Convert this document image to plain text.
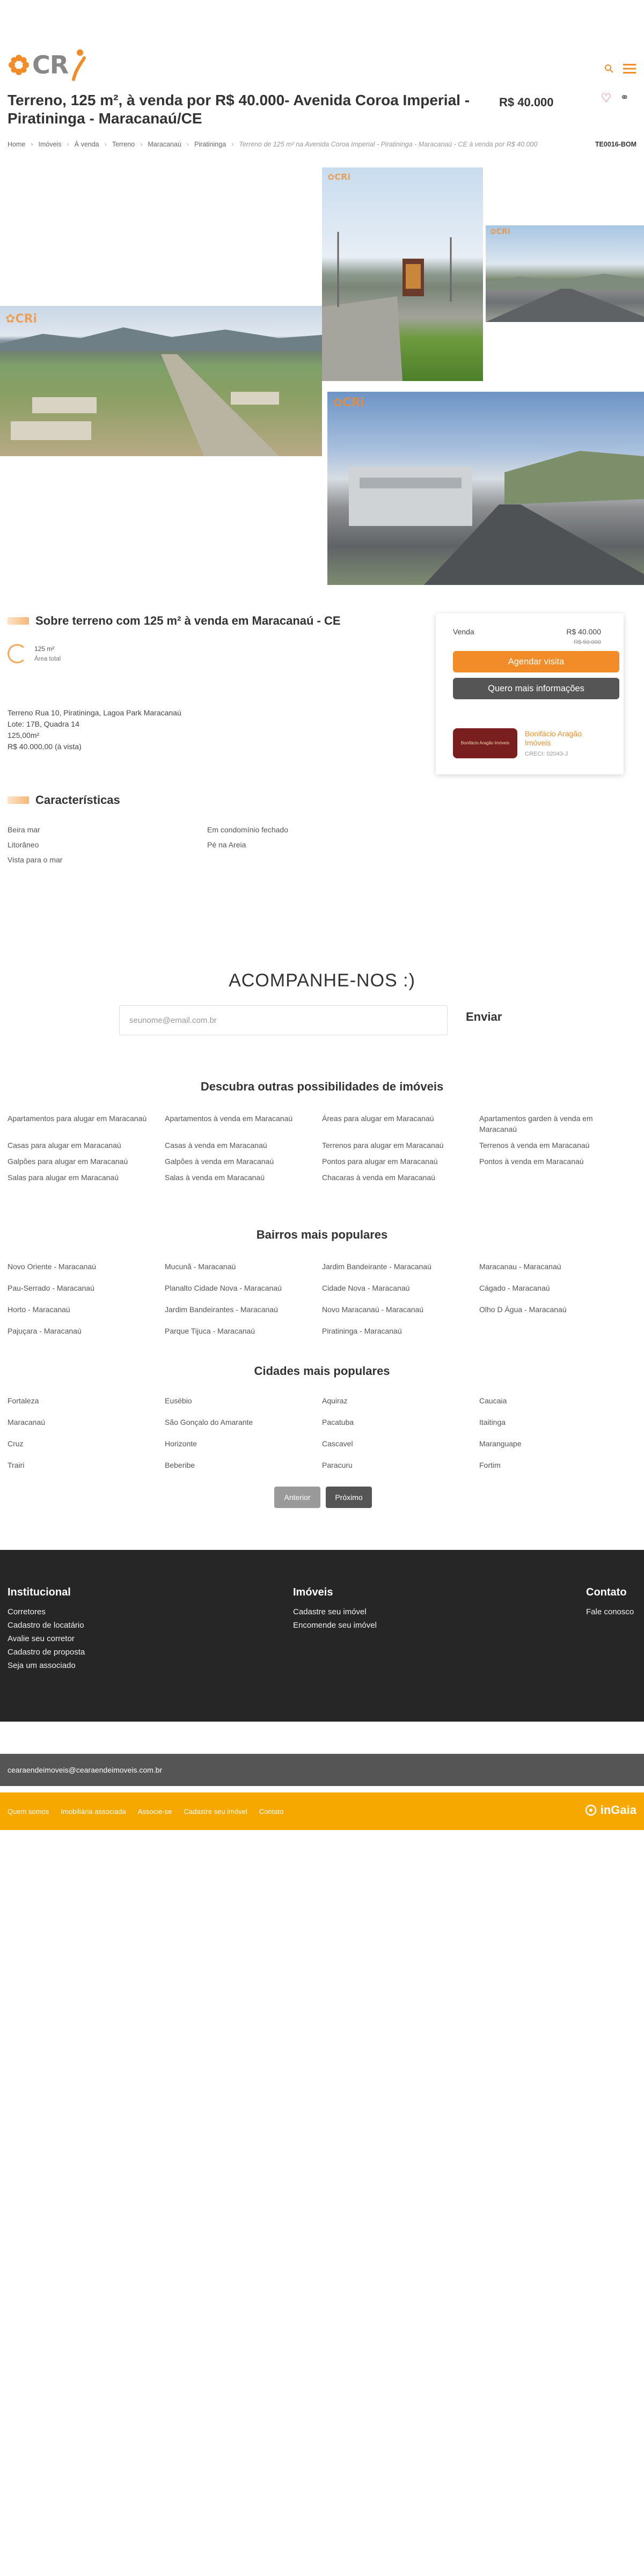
CR
Terreno, 125 m², à venda por R$ 40.000- Avenida Coroa Imperial - Piratininga - Maracanaú/CE
R$ 40.000	♡ ⚭
Home › Imóveis › À venda › Terreno › Maracanaú › Piratininga › Terreno de 125 m² na Avenida Coroa Imperial - Piratininga - Maracanaú - CE à venda por R$ 40.000	TE0016-BOM
✿CRi
✿CRi
✿CRi
✿CRi
Sobre terreno com 125 m² à venda em Maracanaú - CE
125 m²
Área total
Terreno Rua 10, Piratininga, Lagoa Park Maracanaú
Lote: 17B, Quadra 14
125,00m²
R$ 40.000,00 (à vista)
Venda	R$ 40.000
R$ 50.000
Agendar visita
Quero mais informações
Bonifácio Aragão Imóveis
Bonifácio Aragão Imóveis
CRECI: 02043-J
Características
Beira mar	Em condomínio fechado
Litorâneo	Pé na Areia
Vista para o mar
ACOMPANHE-NOS :)
seunome@email.com.br
Enviar
Descubra outras possibilidades de imóveis
Apartamentos para alugar em Maracanaú	Apartamentos à venda em Maracanaú	Áreas para alugar em Maracanaú	Apartamentos garden à venda em Maracanaú
Casas para alugar em Maracanaú	Casas à venda em Maracanaú	Terrenos para alugar em Maracanaú	Terrenos à venda em Maracanaú
Galpões para alugar em Maracanaú	Galpões à venda em Maracanaú	Pontos para alugar em Maracanaú	Pontos à venda em Maracanaú
Salas para alugar em Maracanaú	Salas à venda em Maracanaú	Chacaras à venda em Maracanaú
Bairros mais populares
Novo Oriente - Maracanaú	Mucunã - Maracanaú	Jardim Bandeirante - Maracanaú	Maracanau - Maracanaú
Pau-Serrado - Maracanaú	Planalto Cidade Nova - Maracanaú	Cidade Nova - Maracanaú	Cágado - Maracanaú
Horto - Maracanaú	Jardim Bandeirantes - Maracanaú	Novo Maracanaú - Maracanaú	Olho D Água - Maracanaú
Pajuçara - Maracanaú	Parque Tijuca - Maracanaú	Piratininga - Maracanaú
Cidades mais populares
Fortaleza	Eusébio	Aquiraz	Caucaia
Maracanaú	São Gonçalo do Amarante	Pacatuba	Itaitinga
Cruz	Horizonte	Cascavel	Maranguape
Trairi	Beberibe	Paracuru	Fortim
Anterior	Próximo
Institucional
Corretores
Cadastro de locatário
Avalie seu corretor
Cadastro de proposta
Seja um associado
Imóveis
Cadastre seu imóvel
Encomende seu imóvel
Contato
Fale conosco
cearaendeimoveis@cearaendeimoveis.com.br
Quem somos Imobiliária associada Associe-se Cadastre seu imóvel Contato	inGaia
